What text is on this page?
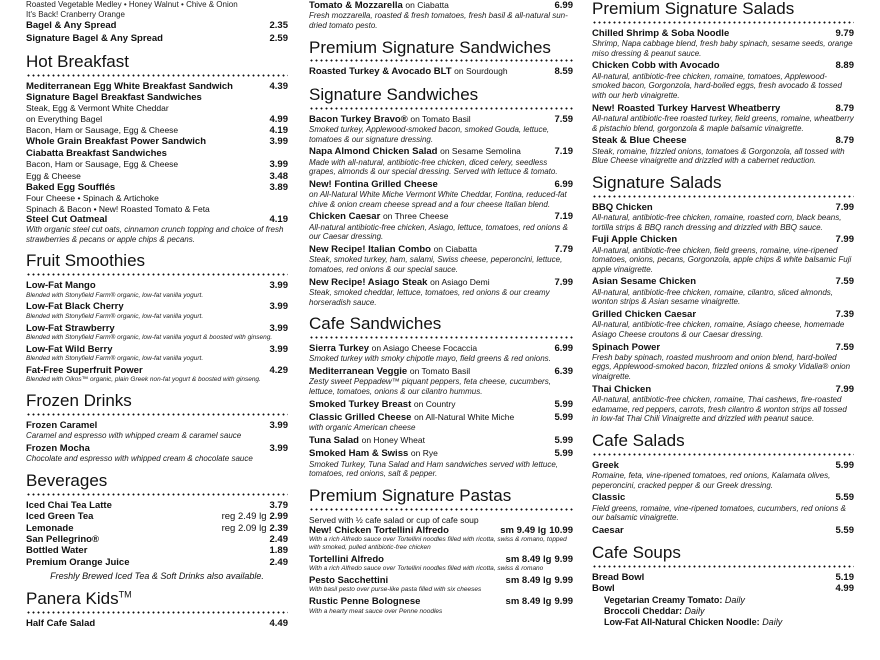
Roasted Vegetable Medley • Honey Walnut • Chive & Onion
It's Back! Cranberry Orange
Bagel & Any Spread	2.35
Signature Bagel & Any Spread	2.59
Hot Breakfast
Mediterranean Egg White Breakfast Sandwich	4.39
Signature Bagel Breakfast Sandwiches
Steak, Egg & Vermont White Cheddar
on Everything Bagel	4.99
Bacon, Ham or Sausage, Egg & Cheese	4.19
Whole Grain Breakfast Power Sandwich	3.99
Ciabatta Breakfast Sandwiches
Bacon, Ham or Sausage, Egg & Cheese	3.99
Egg & Cheese	3.48
Baked Egg Soufflés	3.89
Four Cheese • Spinach & Artichoke
Spinach & Bacon • New! Roasted Tomato & Feta
Steel Cut Oatmeal	4.19
With organic steel cut oats, cinnamon crunch topping and choice of fresh strawberries & pecans or apple chips & pecans.
Fruit Smoothies
Low-Fat Mango	3.99
Blended with Stonyfield Farm® organic, low-fat vanilla yogurt.
Low-Fat Black Cherry	3.99
Blended with Stonyfield Farm® organic, low-fat vanilla yogurt.
Low-Fat Strawberry	3.99
Blended with Stonyfield Farm® organic, low-fat vanilla yogurt & boosted with ginseng.
Low-Fat Wild Berry	3.99
Blended with Stonyfield Farm® organic, low-fat vanilla yogurt.
Fat-Free Superfruit Power	4.29
Blended with Oikos™ organic, plain Greek non-fat yogurt & boosted with ginseng.
Frozen Drinks
Frozen Caramel	3.99
Caramel and espresso with whipped cream & caramel sauce
Frozen Mocha	3.99
Chocolate and espresso with whipped cream & chocolate sauce
Beverages
Iced Chai Tea Latte	3.79
Iced Green Tea	reg 2.49 lg 2.99
Lemonade	reg 2.09 lg 2.39
San Pellegrino®	2.49
Bottled Water	1.89
Premium Orange Juice	2.49
Freshly Brewed Iced Tea & Soft Drinks also available.
Panera Kids™
Half Cafe Salad	4.49
Tomato & Mozzarella on Ciabatta	6.99
Fresh mozzarella, roasted & fresh tomatoes, fresh basil & all-natural sun-dried tomato pesto.
Premium Signature Sandwiches
Roasted Turkey & Avocado BLT on Sourdough	8.59
Signature Sandwiches
Bacon Turkey Bravo® on Tomato Basil	7.59
Smoked turkey, Applewood-smoked bacon, smoked Gouda, lettuce, tomatoes & our signature dressing.
Napa Almond Chicken Salad on Sesame Semolina	7.19
Made with all-natural, antibiotic-free chicken, diced celery, seedless grapes, almonds & our special dressing. Served with lettuce & tomato.
New! Fontina Grilled Cheese	6.99
on All-Natural White Miche Vermont White Cheddar, Fontina, reduced-fat chive & onion cream cheese spread and a four cheese Italian blend.
Chicken Caesar on Three Cheese	7.19
All-natural antibiotic-free chicken, Asiago, lettuce, tomatoes, red onions & our Caesar dressing.
New Recipe! Italian Combo on Ciabatta	7.79
Steak, smoked turkey, ham, salami, Swiss cheese, peperoncini, lettuce, tomatoes, red onions & our special sauce.
New Recipe! Asiago Steak on Asiago Demi	7.99
Steak, smoked cheddar, lettuce, tomatoes, red onions & our creamy horseradish sauce.
Cafe Sandwiches
Sierra Turkey on Asiago Cheese Focaccia	6.99
Smoked turkey with smoky chipotle mayo, field greens & red onions.
Mediterranean Veggie on Tomato Basil	6.39
Zesty sweet Peppadew™ piquant peppers, feta cheese, cucumbers, lettuce, tomatoes, onions & our cilantro hummus.
Smoked Turkey Breast on Country	5.99
Classic Grilled Cheese on All-Natural White Miche	5.99
with organic American cheese
Tuna Salad on Honey Wheat	5.99
Smoked Ham & Swiss on Rye	5.99
Smoked Turkey, Tuna Salad and Ham sandwiches served with lettuce, tomatoes, red onions, salt & pepper.
Premium Signature Pastas
Served with ½ cafe salad or cup of cafe soup
New! Chicken Tortellini Alfredo	sm 9.49 lg 10.99
With a rich Alfredo sauce over Tortellini noodles filled with ricotta, swiss & romano, topped with smoked, pulled antibiotic-free chicken
Tortellini Alfredo	sm 8.49 lg 9.99
With a rich Alfredo sauce over Tortellini noodles filled with ricotta, swiss & romano
Pesto Sacchettini	sm 8.49 lg 9.99
With basil pesto over purse-like pasta filled with six cheeses
Rustic Penne Bolognese	sm 8.49 lg 9.99
With a hearty meat sauce over Penne noodles
Premium Signature Salads
Chilled Shrimp & Soba Noodle	9.79
Shrimp, Napa cabbage blend, fresh baby spinach, sesame seeds, orange miso dressing & peanut sauce.
Chicken Cobb with Avocado	8.89
All-natural, antibiotic-free chicken, romaine, tomatoes, Applewood-smoked bacon, Gorgonzola, hard-boiled eggs, fresh avocado & tossed with our herb vinaigrette.
New! Roasted Turkey Harvest Wheatberry	8.79
All-natural antibiotic-free roasted turkey, field greens, romaine, wheatberry & pistachio blend, gorgonzola & maple balsamic vinaigrette.
Steak & Blue Cheese	8.79
Steak, romaine, frizzled onions, tomatoes & Gorgonzola, all tossed with Blue Cheese vinaigrette and drizzled with a cabernet reduction.
Signature Salads
BBQ Chicken	7.99
All-natural, antibiotic-free chicken, romaine, roasted corn, black beans, tortilla strips & BBQ ranch dressing and drizzled with BBQ sauce.
Fuji Apple Chicken	7.99
All-natural, antibiotic-free chicken, field greens, romaine, vine-ripened tomatoes, onions, pecans, Gorgonzola, apple chips & white balsamic Fuji apple vinaigrette.
Asian Sesame Chicken	7.59
All-natural, antibiotic-free chicken, romaine, cilantro, sliced almonds, wonton strips & Asian sesame vinaigrette.
Grilled Chicken Caesar	7.39
All-natural, antibiotic-free chicken, romaine, Asiago cheese, homemade Asiago Cheese croutons & our Caesar dressing.
Spinach Power	7.59
Fresh baby spinach, roasted mushroom and onion blend, hard-boiled eggs, Applewood-smoked bacon, frizzled onions & smoky Vidalia® onion vinaigrette.
Thai Chicken	7.99
All-natural, antibiotic-free chicken, romaine, Thai cashews, fire-roasted edamame, red peppers, carrots, fresh cilantro & wonton strips all tossed in low-fat Thai Chili Vinaigrette and drizzled with peanut sauce.
Cafe Salads
Greek	5.99
Romaine, feta, vine-ripened tomatoes, red onions, Kalamata olives, peperoncini, cracked pepper & our Greek dressing.
Classic	5.59
Field greens, romaine, vine-ripened tomatoes, cucumbers, red onions & our balsamic vinaigrette.
Caesar	5.59
Cafe Soups
Bread Bowl	5.19
Bowl	4.99
Vegetarian Creamy Tomato: Daily
Broccoli Cheddar: Daily
Low-Fat All-Natural Chicken Noodle: Daily
